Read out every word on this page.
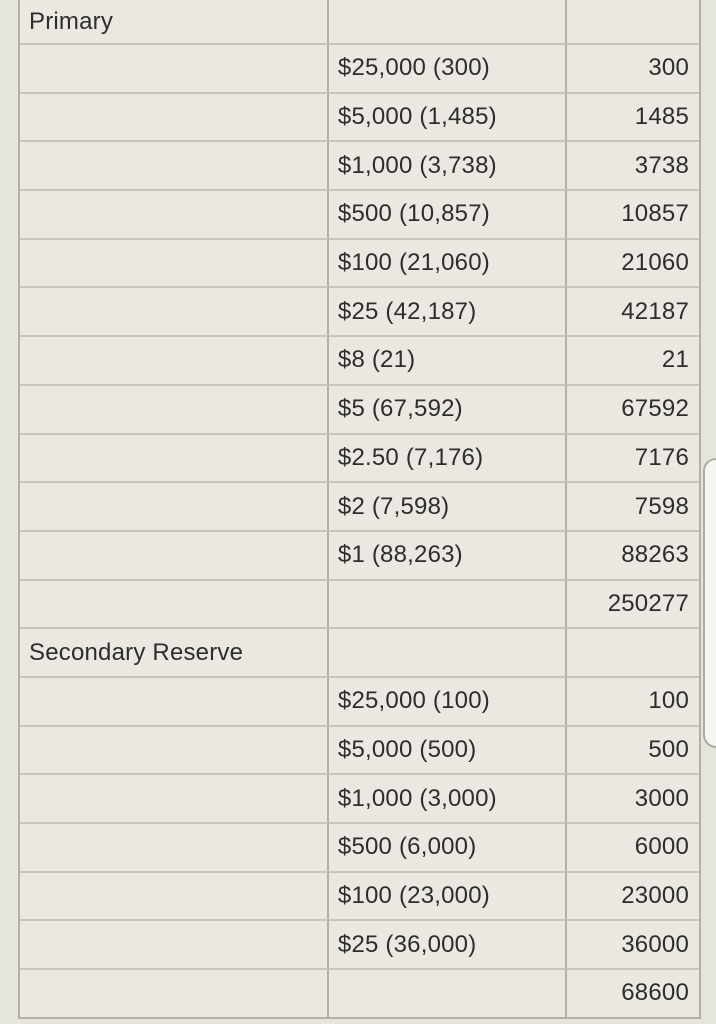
Primary		
	$25,000 (300)	300
	$5,000 (1,485)	1485
	$1,000 (3,738)	3738
	$500 (10,857)	10857
	$100 (21,060)	21060
	$25 (42,187)	42187
	$8 (21)	21
	$5 (67,592)	67592
	$2.50 (7,176)	7176
	$2 (7,598)	7598
	$1 (88,263)	88263
		250277
Secondary Reserve		
	$25,000 (100)	100
	$5,000 (500)	500
	$1,000 (3,000)	3000
	$500 (6,000)	6000
	$100 (23,000)	23000
	$25 (36,000)	36000
		68600
